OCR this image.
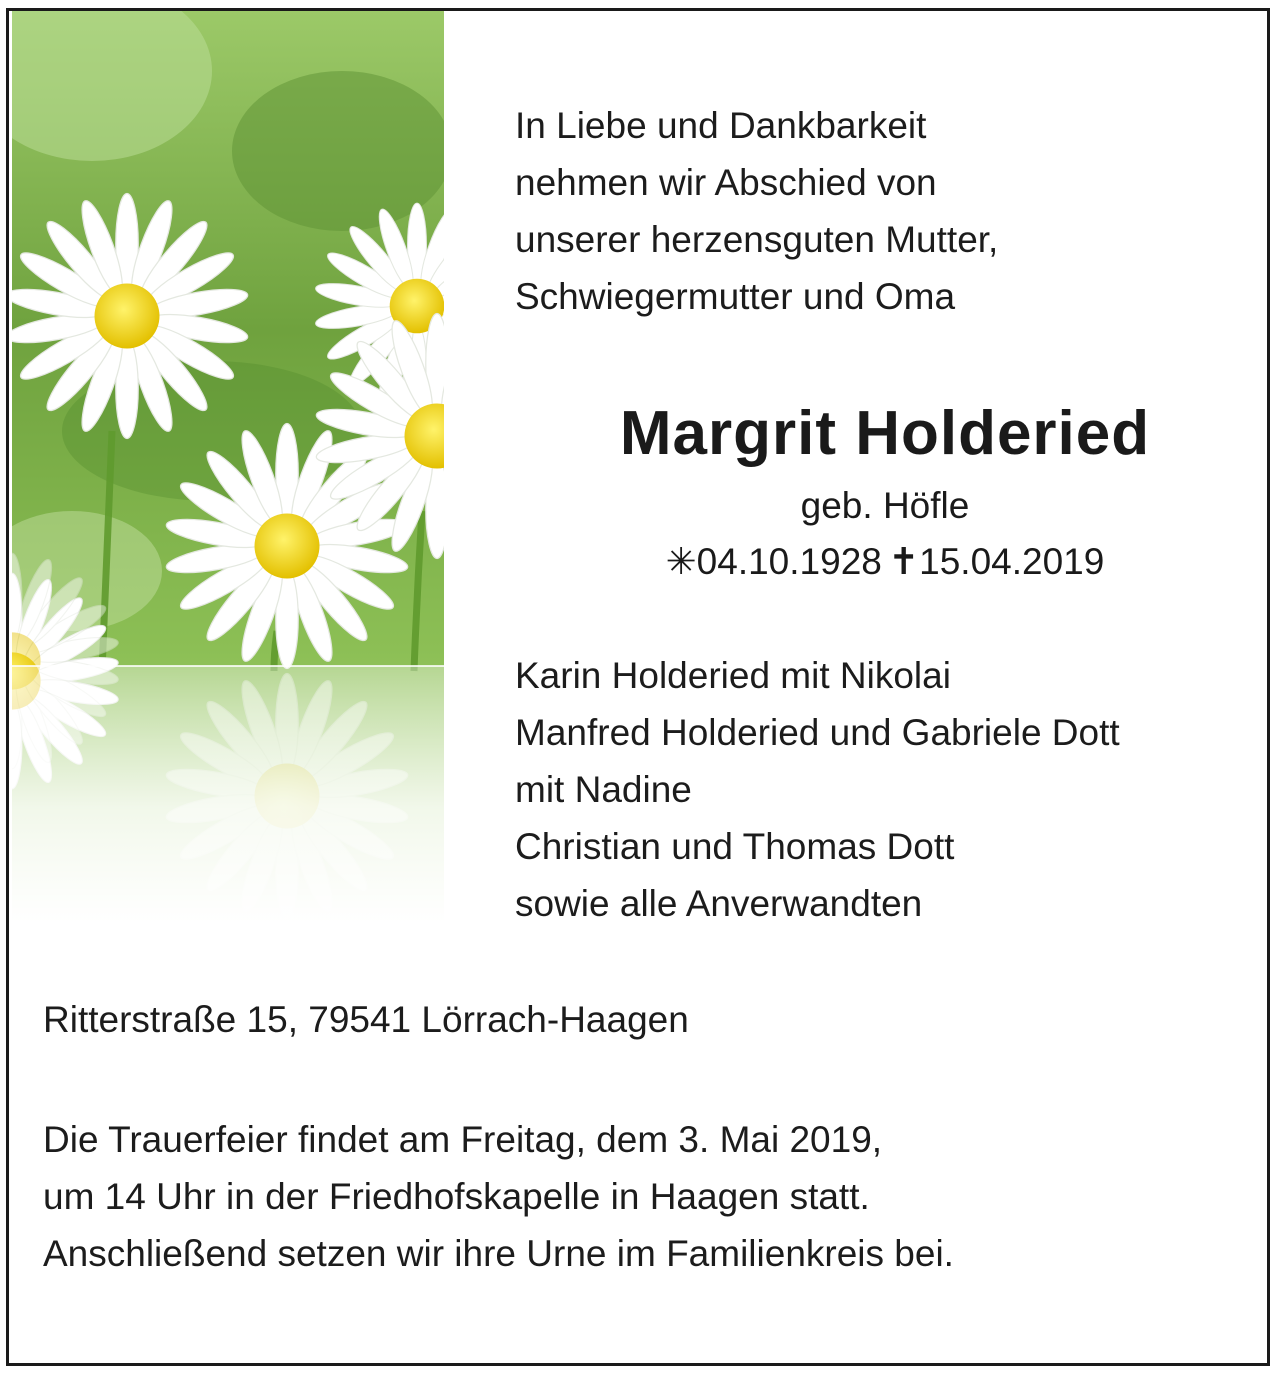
In Liebe und Dankbarkeit
nehmen wir Abschied von
unserer herzensguten Mutter,
Schwiegermutter und Oma
Margrit Holderied
geb. Höfle
✳04.10.1928 ✝15.04.2019
Karin Holderied mit Nikolai
Manfred Holderied und Gabriele Dott
mit Nadine
Christian und Thomas Dott
sowie alle Anverwandten
Ritterstraße 15, 79541 Lörrach-Haagen
Die Trauerfeier findet am Freitag, dem 3. Mai 2019,
um 14 Uhr in der Friedhofskapelle in Haagen statt.
Anschließend setzen wir ihre Urne im Familienkreis bei.
